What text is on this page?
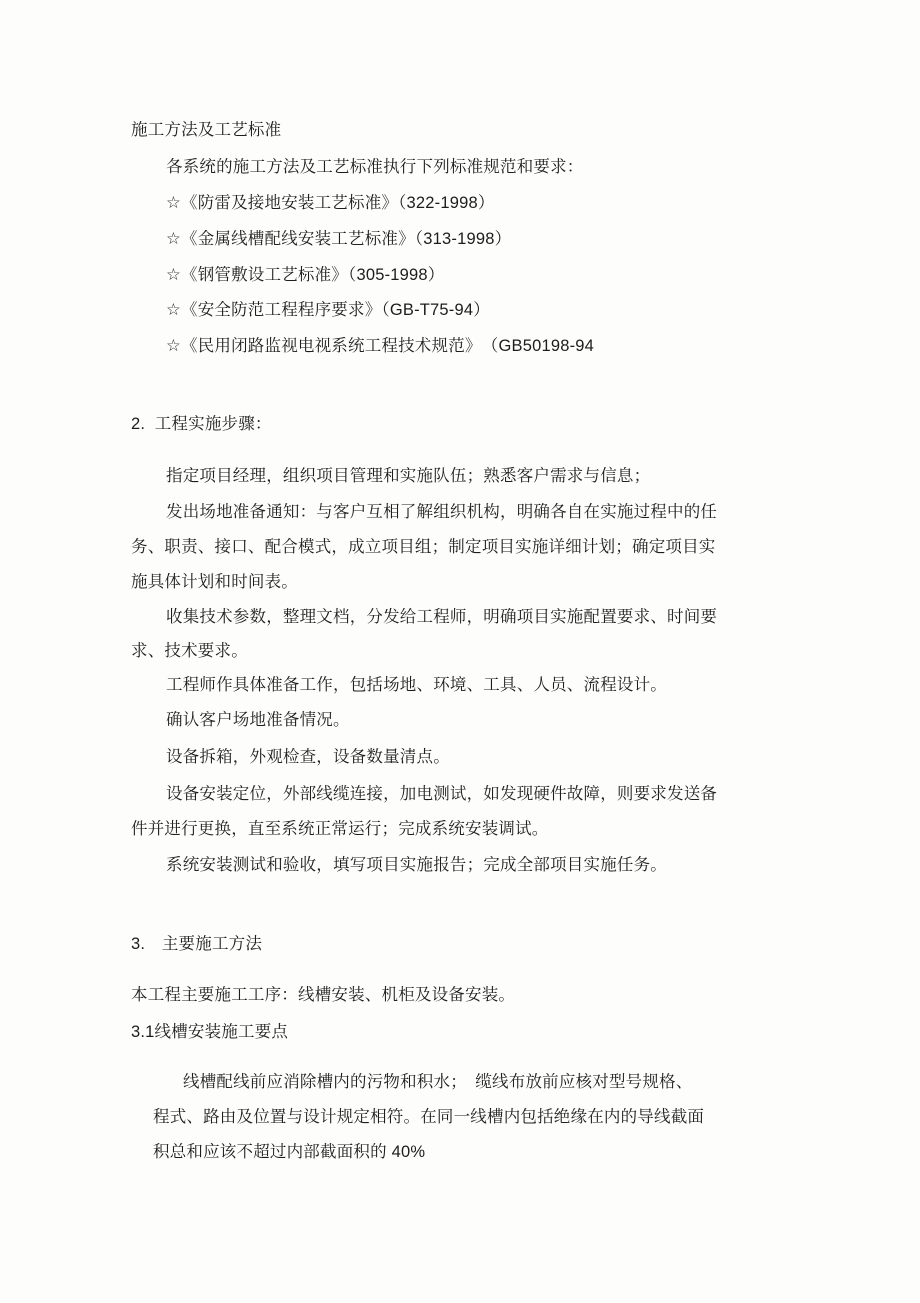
施工方法及工艺标准
各系统的施工方法及工艺标准执行下列标准规范和要求：
☆《防雷及接地安装工艺标准》（322-1998）
☆《金属线槽配线安装工艺标准》（313-1998）
☆《钢管敷设工艺标准》（305-1998）
☆《安全防范工程程序要求》（GB-T75-94）
☆《民用闭路监视电视系统工程技术规范》　（GB50198-94
2.  工程实施步骤：
指定项目经理，组织项目管理和实施队伍；熟悉客户需求与信息；
发出场地准备通知：与客户互相了解组织机构，明确各自在实施过程中的任
务、职责、接口、配合模式，成立项目组；制定项目实施详细计划；确定项目实
施具体计划和时间表。
收集技术参数，整理文档，分发给工程师，明确项目实施配置要求、时间要
求、技术要求。
工程师作具体准备工作，包括场地、环境、工具、人员、流程设计。
确认客户场地准备情况。
设备拆箱，外观检查，设备数量清点。
设备安装定位，外部线缆连接，加电测试，如发现硬件故障，则要求发送备
件并进行更换，直至系统正常运行；完成系统安装调试。
系统安装测试和验收，填写项目实施报告；完成全部项目实施任务。
3.　主要施工方法
本工程主要施工工序：线槽安装、机柜及设备安装。
3.1线槽安装施工要点
线槽配线前应消除槽内的污物和积水；　缆线布放前应核对型号规格、
程式、路由及位置与设计规定相符。在同一线槽内包括绝缘在内的导线截面
积总和应该不超过内部截面积的 40%
